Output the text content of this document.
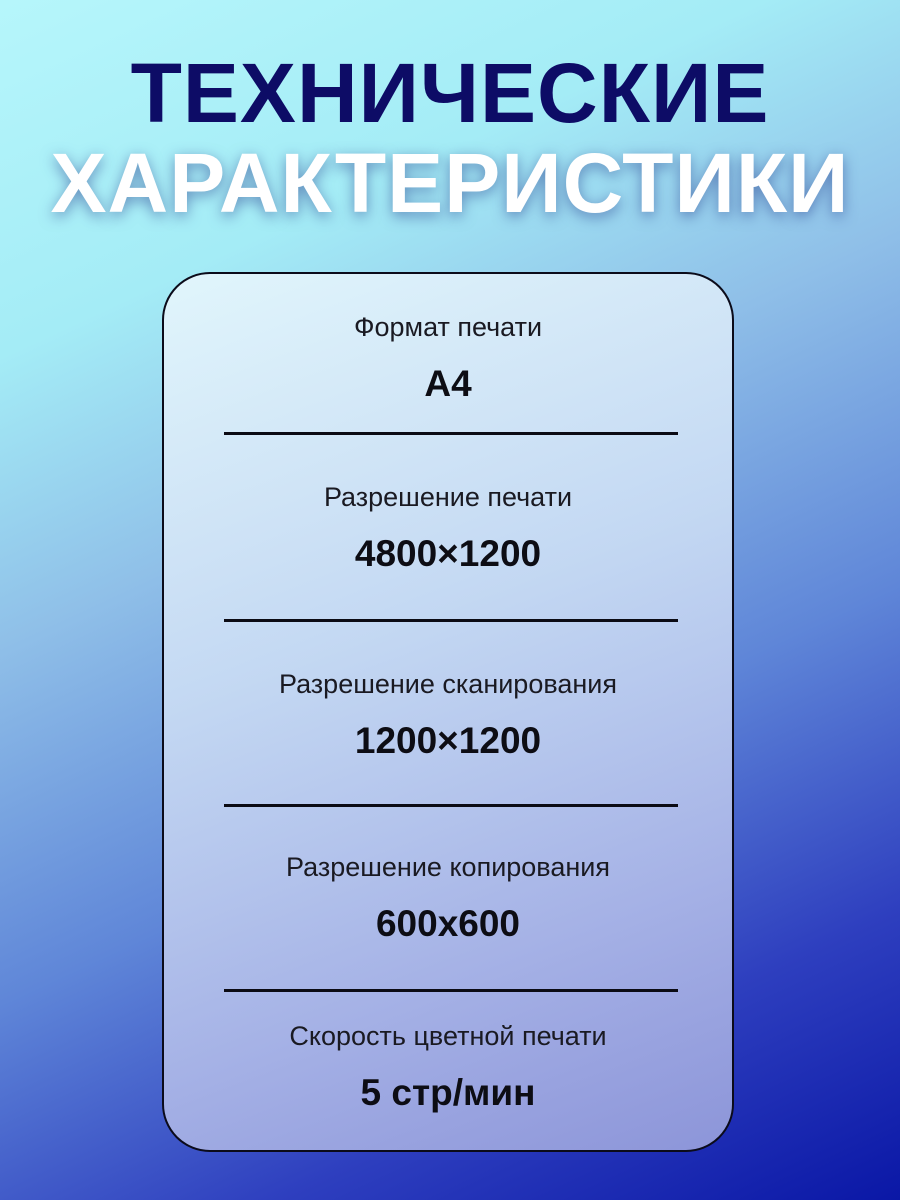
ТЕХНИЧЕСКИЕ
ХАРАКТЕРИСТИКИ
Формат печати
А4
Разрешение печати
4800×1200
Разрешение сканирования
1200×1200
Разрешение копирования
600x600
Скорость цветной печати
5 стр/мин
